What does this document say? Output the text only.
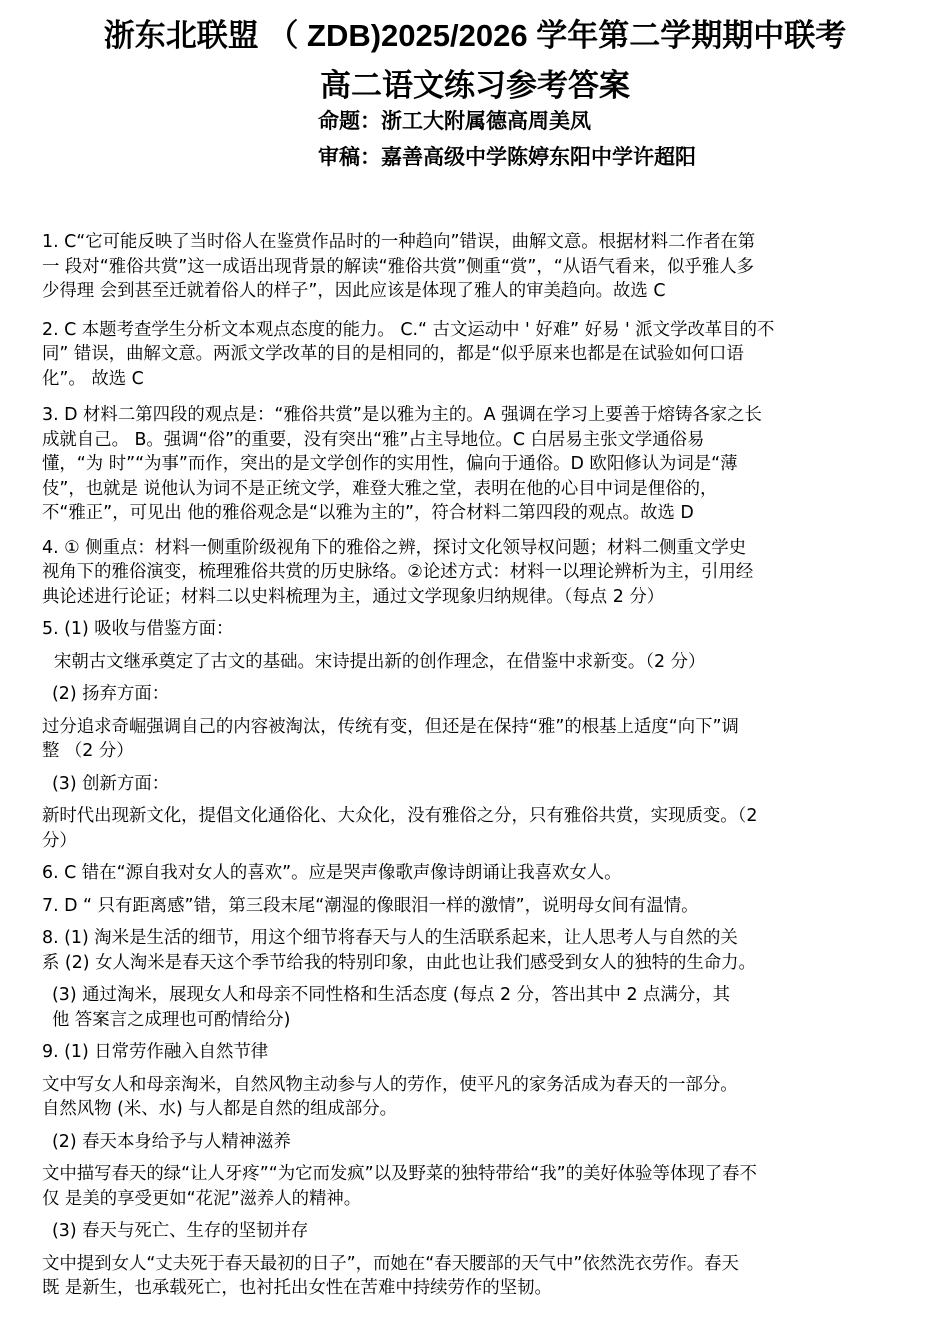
浙东北联盟 （ ZDB)2025/2026 学年第二学期期中联考
高二语文练习参考答案
命题：浙工大附属德高周美凤
审稿：嘉善高级中学陈婷东阳中学许超阳

1. C“它可能反映了当时俗人在鉴赏作品时的一种趋向”错误，曲解文意。根据材料二作者在第
一 段对“雅俗共赏”这一成语出现背景的解读“雅俗共赏”侧重“赏”，“从语气看来，似乎雅人多
少得理 会到甚至迁就着俗人的样子”，因此应该是体现了雅人的审美趋向。故选 C

2. C 本题考查学生分析文本观点态度的能力。 C.“ 古文运动中 ' 好难” 好易 ' 派文学改革目的不
同” 错误，曲解文意。两派文学改革的目的是相同的，都是“似乎原来也都是在试验如何口语
化”。 故选 C

3. D 材料二第四段的观点是：“雅俗共赏”是以雅为主的。A 强调在学习上要善于熔铸各家之长
成就自己。 B。强调“俗”的重要，没有突出“雅”占主导地位。C 白居易主张文学通俗易
懂，“为 时”“为事”而作，突出的是文学创作的实用性，偏向于通俗。D 欧阳修认为词是“薄
伎”，也就是 说他认为词不是正统文学，难登大雅之堂，表明在他的心目中词是俚俗的，
不“雅正”，可见出 他的雅俗观念是“以雅为主的”，符合材料二第四段的观点。故选 D

4. ① 侧重点：材料一侧重阶级视角下的雅俗之辨，探讨文化领导权问题；材料二侧重文学史
视角下的雅俗演变，梳理雅俗共赏的历史脉络。②论述方式：材料一以理论辨析为主，引用经
典论述进行论证；材料二以史料梳理为主，通过文学现象归纳规律。（每点 2 分）

5. (1) 吸收与借鉴方面：

宋朝古文继承奠定了古文的基础。宋诗提出新的创作理念，在借鉴中求新变。（2 分）

(2) 扬弃方面：

过分追求奇崛强调自己的内容被淘汰，传统有变，但还是在保持“雅”的根基上适度“向下”调
整 （2 分）

(3) 创新方面：

新时代出现新文化，提倡文化通俗化、大众化，没有雅俗之分，只有雅俗共赏，实现质变。（2
分）

6. C 错在“源自我对女人的喜欢”。应是哭声像歌声像诗朗诵让我喜欢女人。

7. D “ 只有距离感”错，第三段末尾“潮湿的像眼泪一样的激情”，说明母女间有温情。

8. (1) 淘米是生活的细节，用这个细节将春天与人的生活联系起来，让人思考人与自然的关
系 (2) 女人淘米是春天这个季节给我的特别印象，由此也让我们感受到女人的独特的生命力。

(3) 通过淘米，展现女人和母亲不同性格和生活态度 (每点 2 分，答出其中 2 点满分，其
他 答案言之成理也可酌情给分)

9. (1) 日常劳作融入自然节律

文中写女人和母亲淘米，自然风物主动参与人的劳作，使平凡的家务活成为春天的一部分。
自然风物 (米、水) 与人都是自然的组成部分。

(2) 春天本身给予与人精神滋养

文中描写春天的绿“让人牙疼”“为它而发疯”以及野菜的独特带给“我”的美好体验等体现了春不
仅 是美的享受更如“花泥”滋养人的精神。

(3) 春天与死亡、生存的坚韧并存

文中提到女人“丈夫死于春天最初的日子”，而她在“春天腰部的天气中”依然洗衣劳作。春天
既 是新生，也承载死亡，也衬托出女性在苦难中持续劳作的坚韧。
